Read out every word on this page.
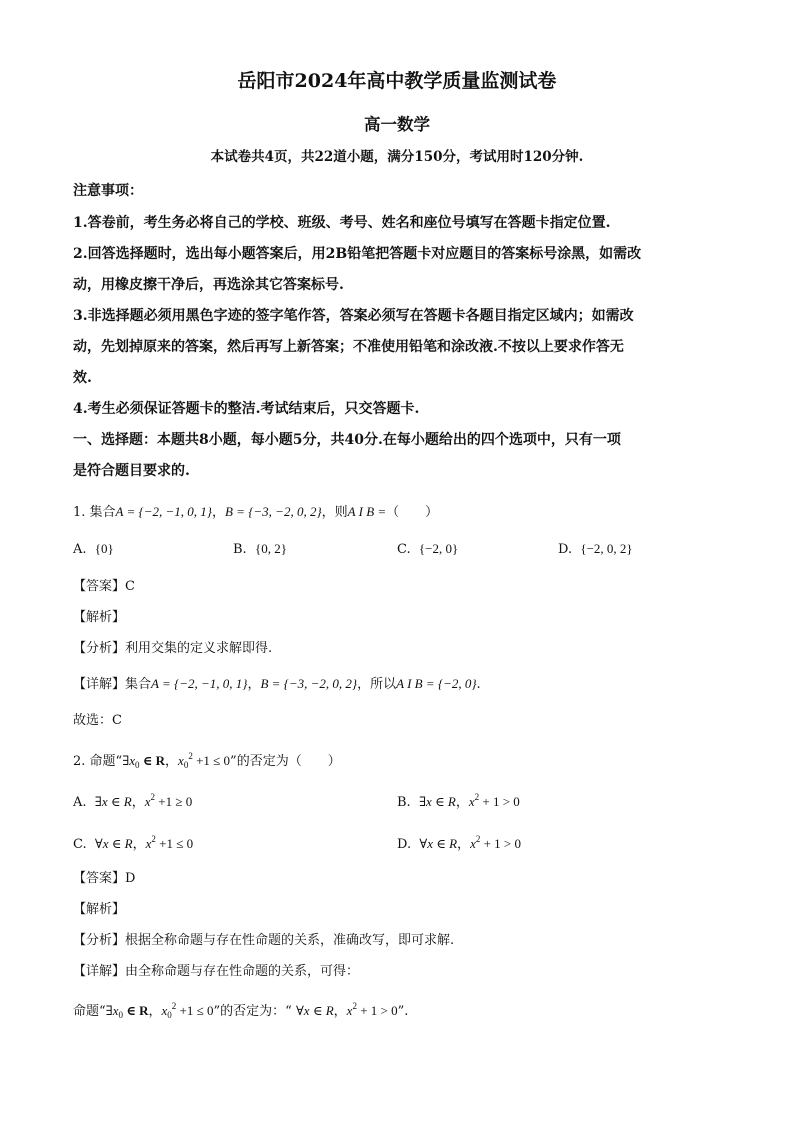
岳阳市2024年高中教学质量监测试卷
高一数学
本试卷共4页，共22道小题，满分150分，考试用时120分钟.
注意事项：
1.答卷前，考生务必将自己的学校、班级、考号、姓名和座位号填写在答题卡指定位置.
2.回答选择题时，选出每小题答案后，用2B铅笔把答题卡对应题目的答案标号涂黑，如需改
动，用橡皮擦干净后，再选涂其它答案标号.
3.非选择题必须用黑色字迹的签字笔作答，答案必须写在答题卡各题目指定区域内；如需改
动，先划掉原来的答案，然后再写上新答案；不准使用铅笔和涂改液.不按以上要求作答无
效.
4.考生必须保证答题卡的整洁.考试结束后，只交答题卡.
一、选择题：本题共8小题，每小题5分，共40分.在每小题给出的四个选项中，只有一项
是符合题目要求的.
1. 集合A = {−2, −1, 0, 1}，B = {−3, −2, 0, 2}，则A I B =（　　）
A. {0}	B. {0, 2}	C. {−2, 0}	D. {−2, 0, 2}
【答案】C
【解析】
【分析】利用交集的定义求解即得.
【详解】集合A = {−2, −1, 0, 1}，B = {−3, −2, 0, 2}，所以A I B = {−2, 0}.
故选：C
2. 命题“$\exists x_0$ ∈ R，$x_0^2 +1 \le 0$”的否定为（　　）
A. ∃x ∈ R，$x^2 +1 \ge 0$	B. ∃x ∈ R，$x^2 + 1 > 0$
C. ∀x ∈ R，$x^2 +1 \le 0$	D. ∀x ∈ R，$x^2 + 1 > 0$
【答案】D
【解析】
【分析】根据全称命题与存在性命题的关系，准确改写，即可求解.
【详解】由全称命题与存在性命题的关系，可得：
命题“$\exists x_0$ ∈ R，$x_0^2 +1 \le 0$”的否定为：“ ∀x ∈ R，$x^2 + 1 > 0$”.
